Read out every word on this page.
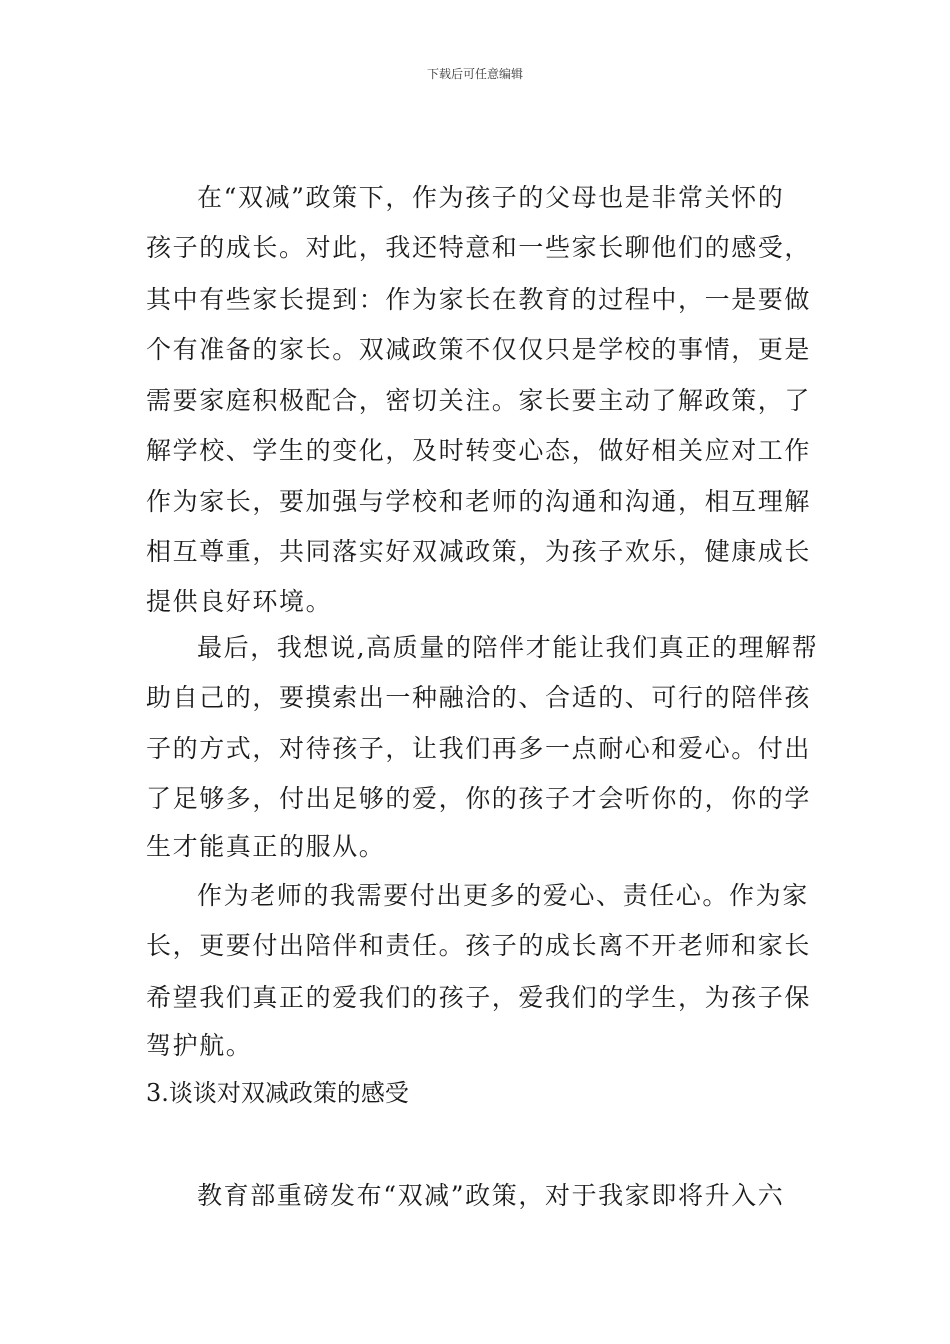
下载后可任意编辑
在“双减”政策下，作为孩子的父母也是非常关怀的
孩子的成长。对此，我还特意和一些家长聊他们的感受，
其中有些家长提到：作为家长在教育的过程中，一是要做
个有准备的家长。双减政策不仅仅只是学校的事情，更是
需要家庭积极配合，密切关注。家长要主动了解政策，了
解学校、学生的变化，及时转变心态，做好相关应对工作
作为家长，要加强与学校和老师的沟通和沟通，相互理解
相互尊重，共同落实好双减政策，为孩子欢乐，健康成长
提供良好环境。
最后，我想说,高质量的陪伴才能让我们真正的理解帮
助自己的，要摸索出一种融洽的、合适的、可行的陪伴孩
子的方式，对待孩子，让我们再多一点耐心和爱心。付出
了足够多，付出足够的爱，你的孩子才会听你的，你的学
生才能真正的服从。
作为老师的我需要付出更多的爱心、责任心。作为家
长，更要付出陪伴和责任。孩子的成长离不开老师和家长
希望我们真正的爱我们的孩子，爱我们的学生，为孩子保
驾护航。
3.谈谈对双减政策的感受
教育部重磅发布“双减”政策，对于我家即将升入六
